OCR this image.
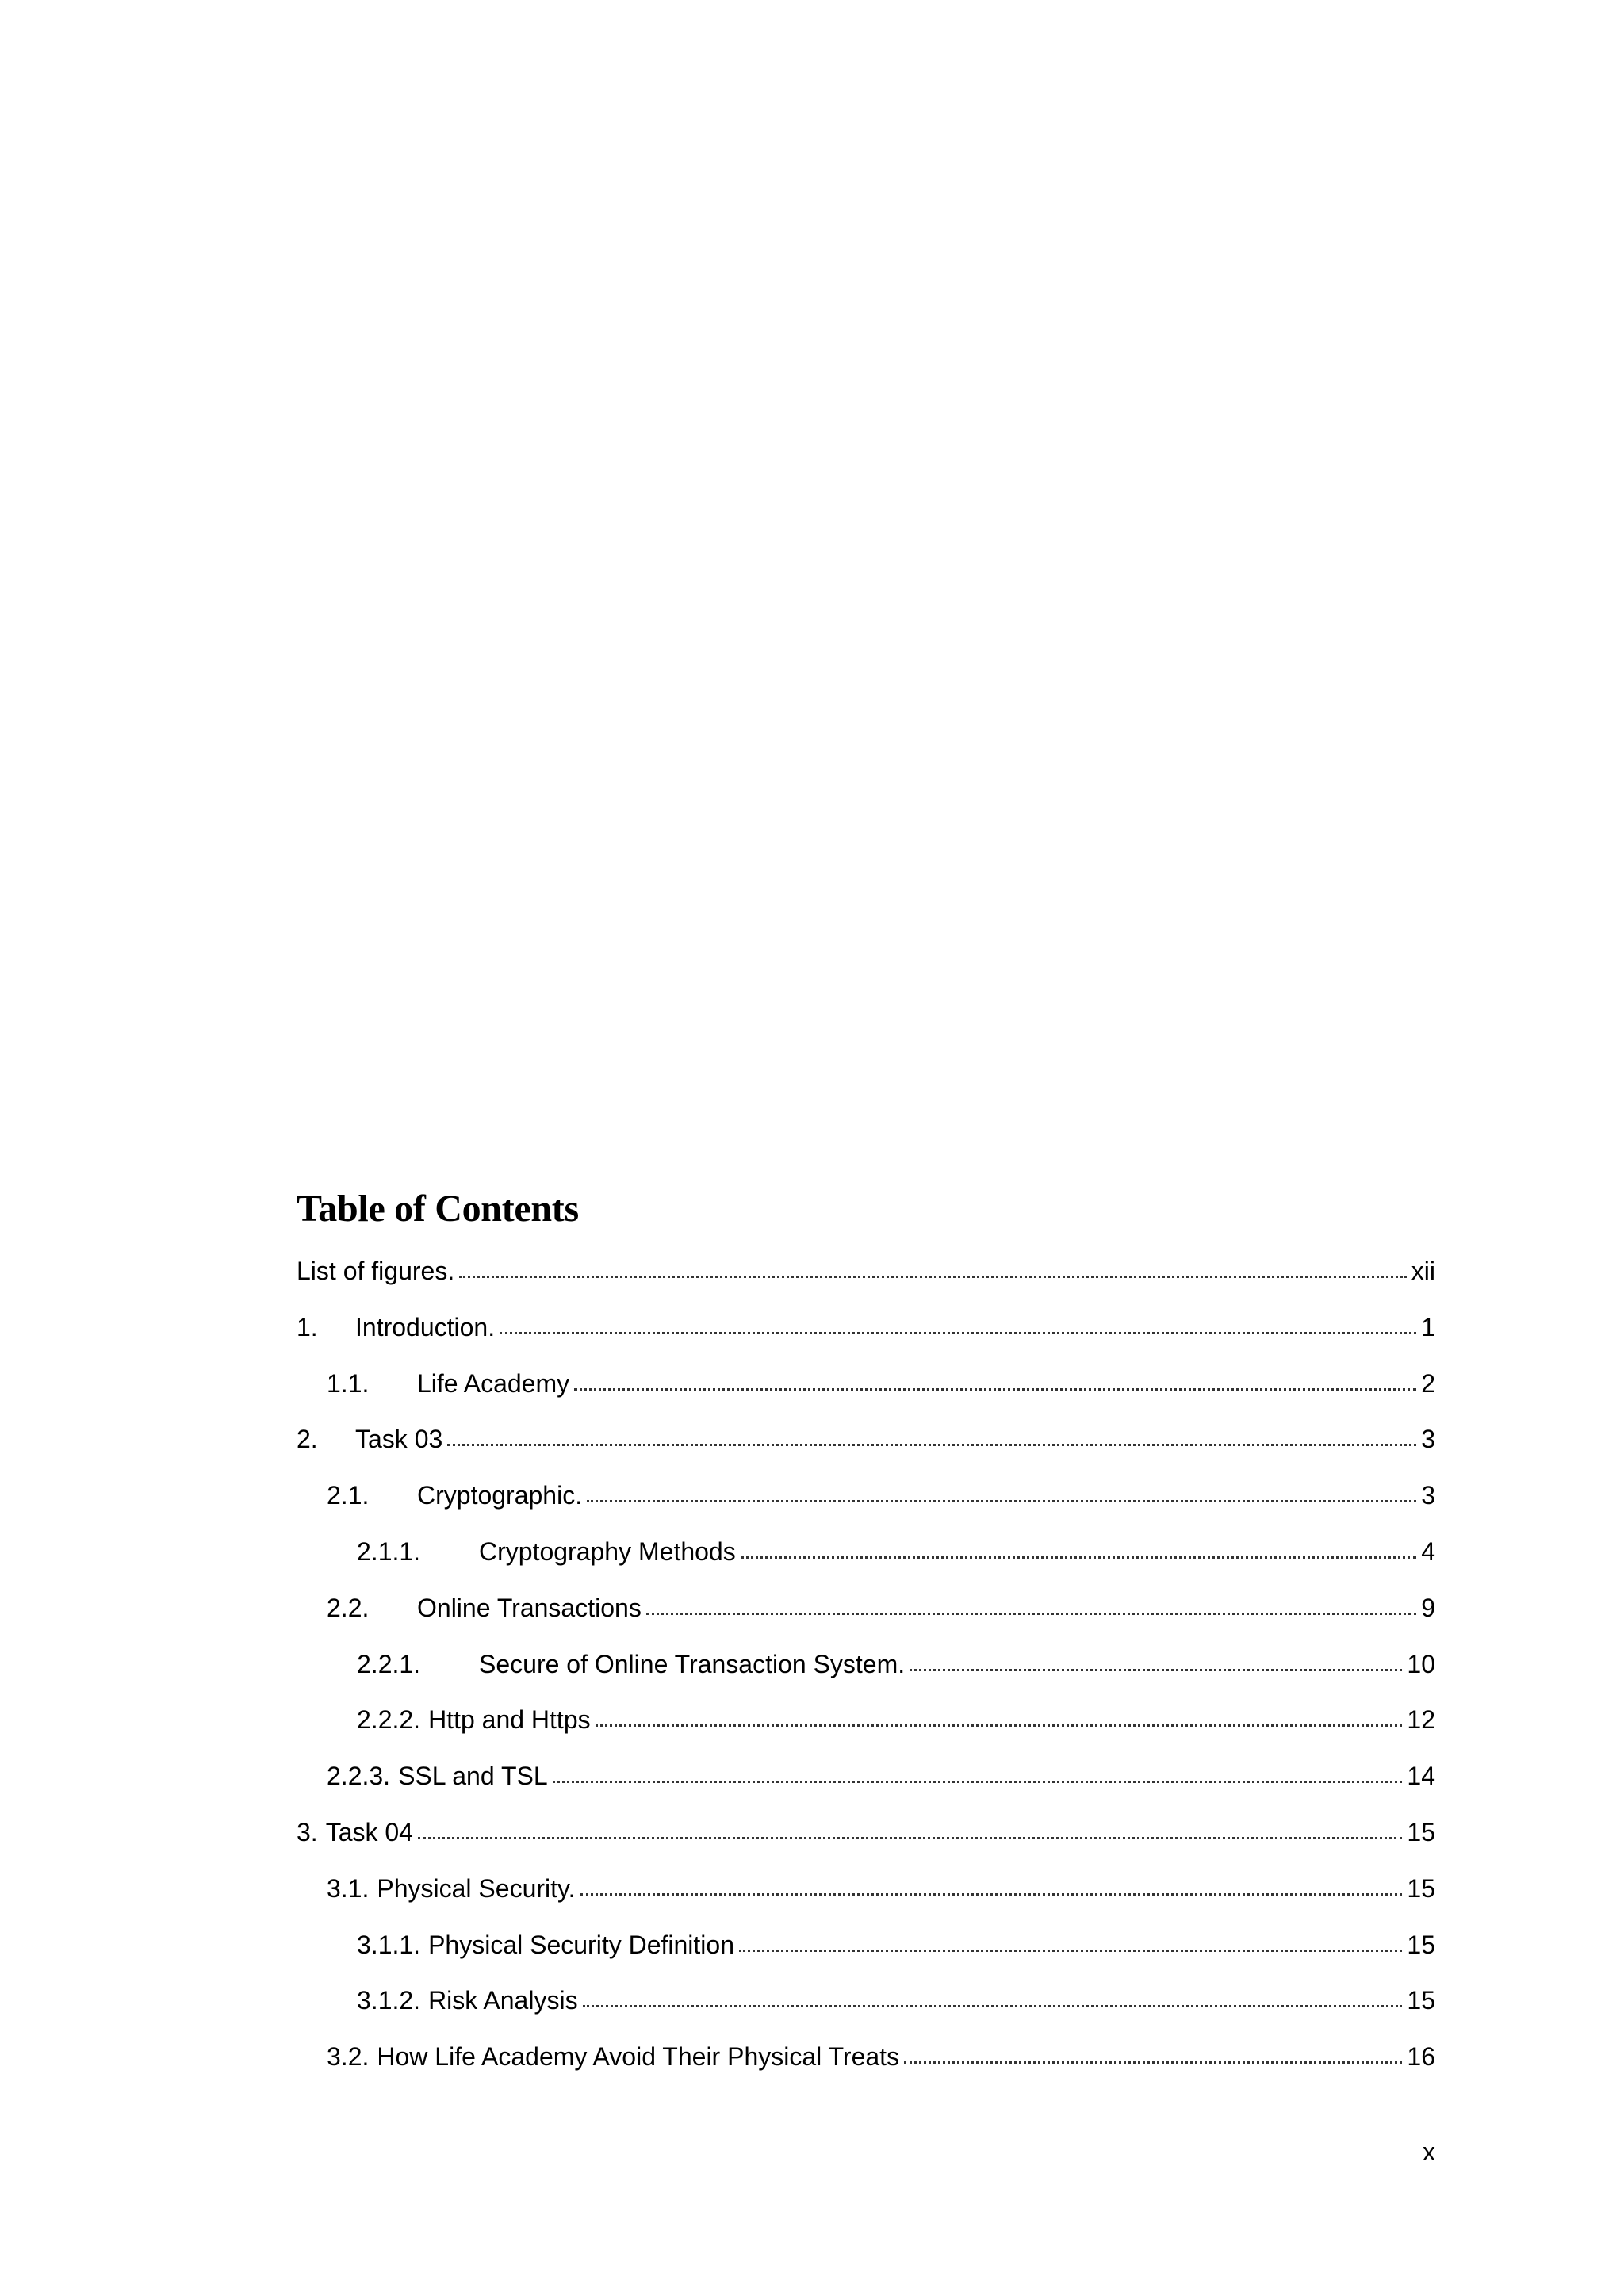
Table of Contents
List of figures.	xii
1.	Introduction.	1
1.1.	Life Academy	2
2.	Task 03	3
2.1.	Cryptographic.	3
2.1.1.	Cryptography Methods	4
2.2.	Online Transactions	9
2.2.1.	Secure of Online Transaction System.	10
2.2.2. Http and Https	12
2.2.3. SSL and TSL	14
3. Task 04	15
3.1. Physical Security.	15
3.1.1. Physical Security Definition	15
3.1.2. Risk Analysis	15
3.2. How Life Academy Avoid Their Physical Treats	16
x
